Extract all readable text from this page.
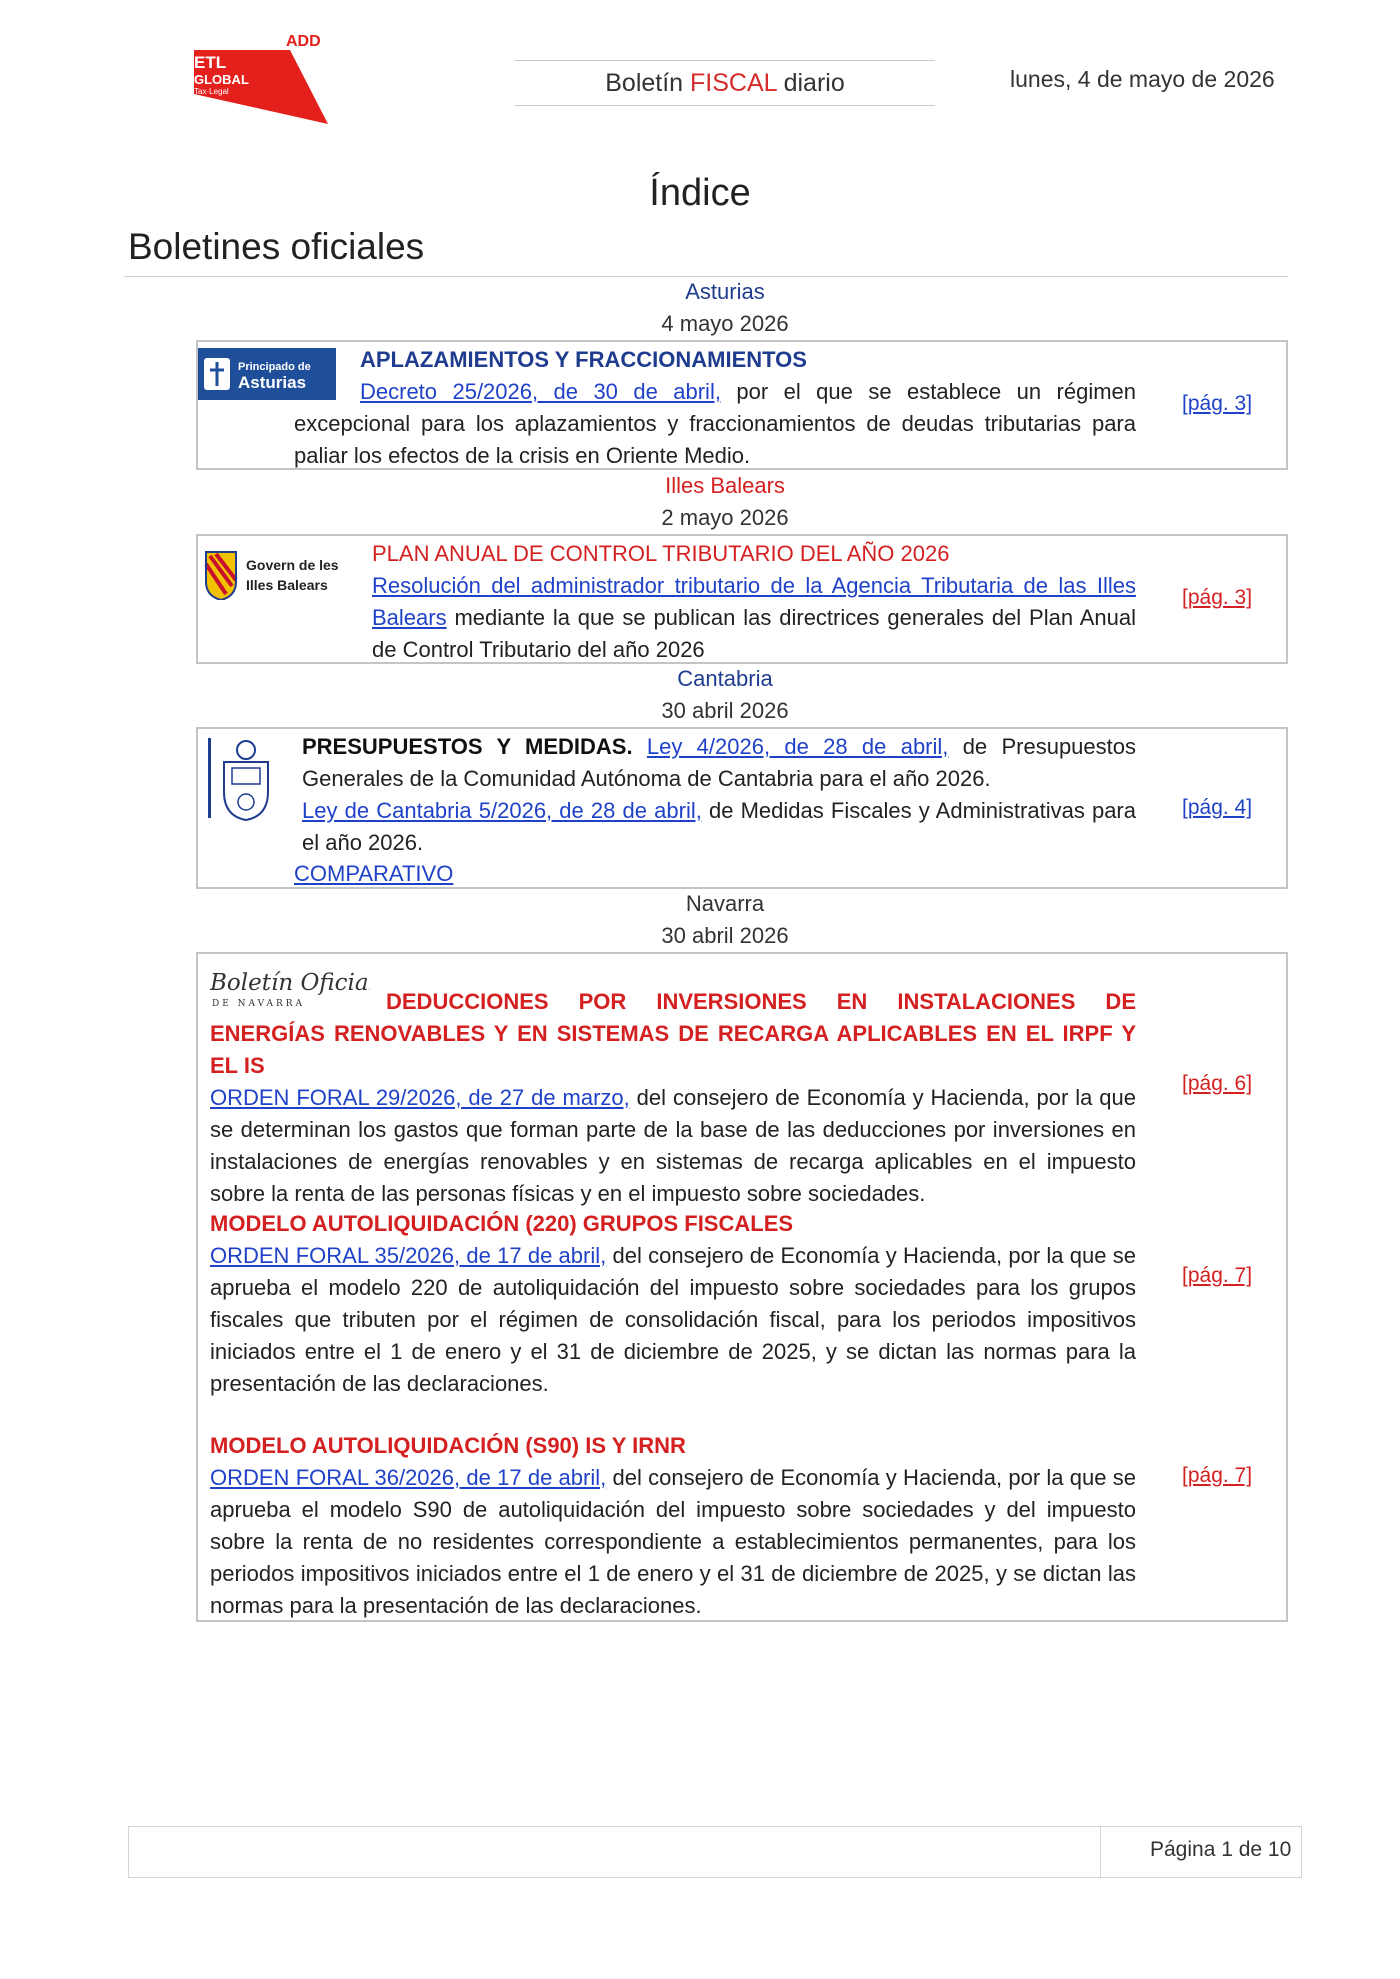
ADD
ETL
GLOBAL
Tax·Legal	Boletín FISCAL diario	lunes, 4 de mayo de 2026
Índice
Boletines oficiales
Asturias
4 mayo 2026
Principado de
Asturias
APLAZAMIENTOS Y FRACCIONAMIENTOS
Decreto 25/2026, de 30 de abril, por el que se establece un régimen excepcional para los aplazamientos y fraccionamientos de deudas tributarias para paliar los efectos de la crisis en Oriente Medio.
[pág. 3]
Illes Balears
2 mayo 2026
Govern de les
Illes Balears
PLAN ANUAL DE CONTROL TRIBUTARIO DEL AÑO 2026
Resolución del administrador tributario de la Agencia Tributaria de las Illes Balears mediante la que se publican las directrices generales del Plan Anual de Control Tributario del año 2026
[pág. 3]
Cantabria
30 abril 2026
PRESUPUESTOS Y MEDIDAS. Ley 4/2026, de 28 de abril, de Presupuestos Generales de la Comunidad Autónoma de Cantabria para el año 2026.
Ley de Cantabria 5/2026, de 28 de abril, de Medidas Fiscales y Administrativas para el año 2026.
COMPARATIVO
[pág. 4]
Navarra
30 abril 2026
Boletín Oficial
DE NAVARRA	DEDUCCIONES POR INVERSIONES EN INSTALACIONES DE ENERGÍAS RENOVABLES Y EN SISTEMAS DE RECARGA APLICABLES EN EL IRPF Y EL IS
ORDEN FORAL 29/2026, de 27 de marzo, del consejero de Economía y Hacienda, por la que se determinan los gastos que forman parte de la base de las deducciones por inversiones en instalaciones de energías renovables y en sistemas de recarga aplicables en el impuesto sobre la renta de las personas físicas y en el impuesto sobre sociedades.
[pág. 6]
MODELO AUTOLIQUIDACIÓN (220) GRUPOS FISCALES
ORDEN FORAL 35/2026, de 17 de abril, del consejero de Economía y Hacienda, por la que se aprueba el modelo 220 de autoliquidación del impuesto sobre sociedades para los grupos fiscales que tributen por el régimen de consolidación fiscal, para los periodos impositivos iniciados entre el 1 de enero y el 31 de diciembre de 2025, y se dictan las normas para la presentación de las declaraciones.
[pág. 7]
MODELO AUTOLIQUIDACIÓN (S90) IS Y IRNR
ORDEN FORAL 36/2026, de 17 de abril, del consejero de Economía y Hacienda, por la que se aprueba el modelo S90 de autoliquidación del impuesto sobre sociedades y del impuesto sobre la renta de no residentes correspondiente a establecimientos permanentes, para los periodos impositivos iniciados entre el 1 de enero y el 31 de diciembre de 2025, y se dictan las normas para la presentación de las declaraciones.
[pág. 7]
Página 1 de 10
